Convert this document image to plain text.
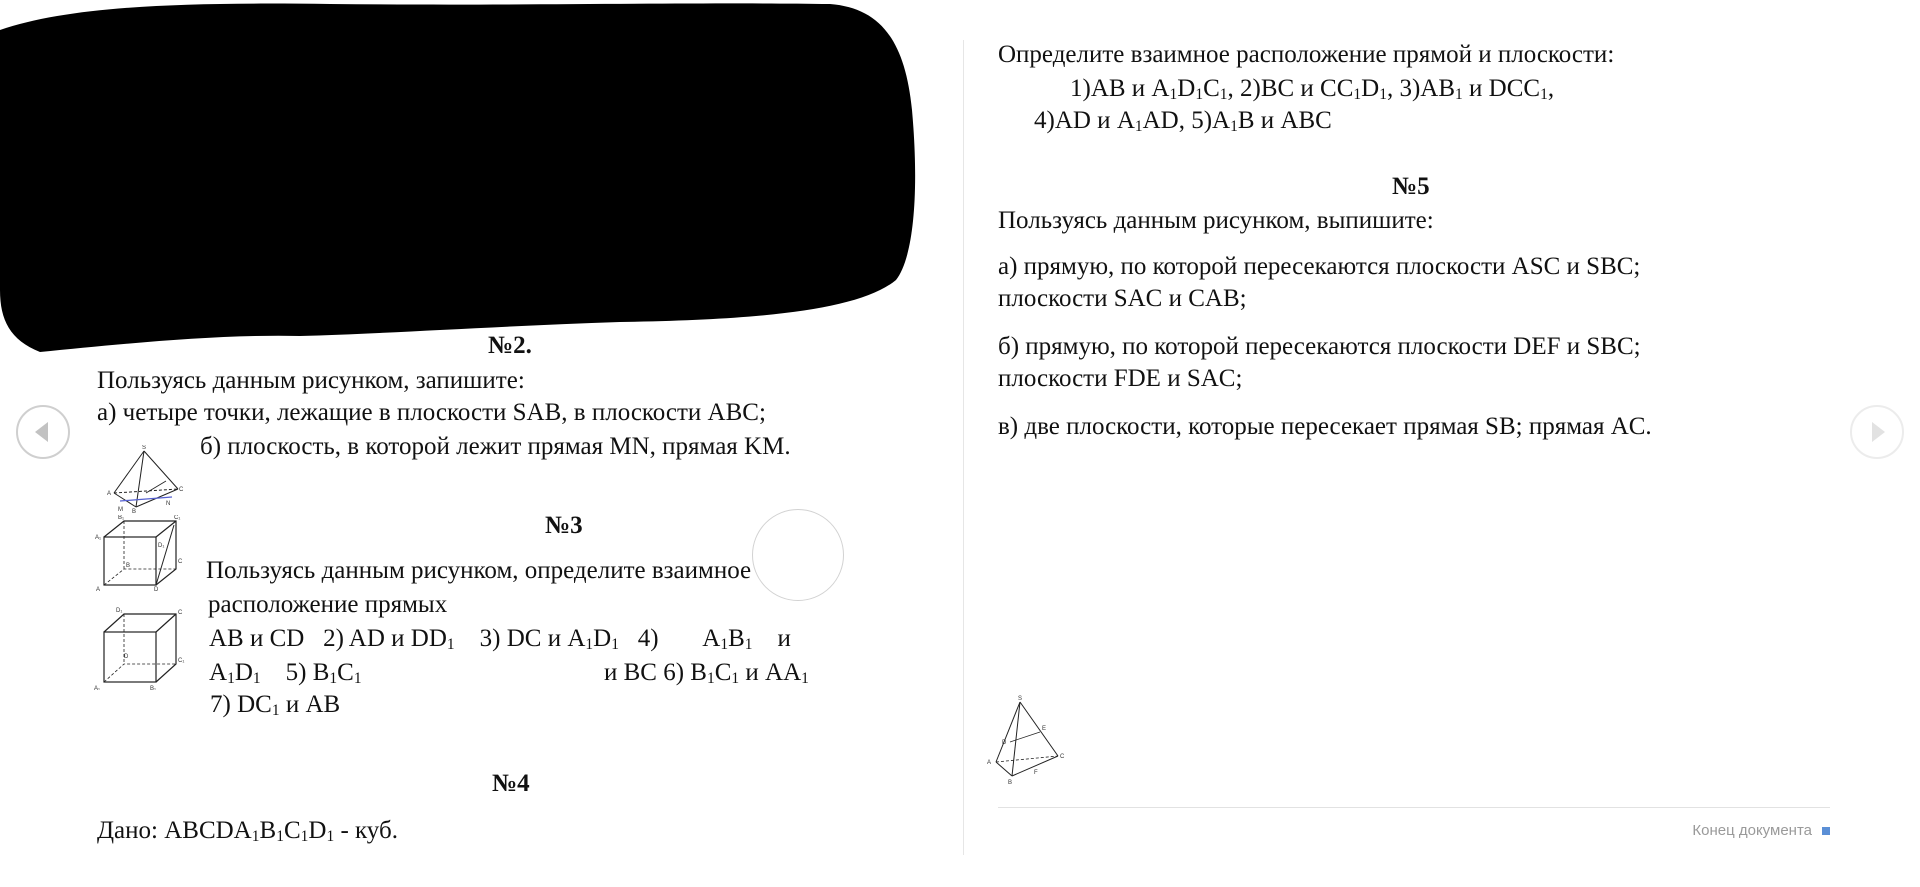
№2.
Пользуясь данным рисунком, запишите:
а) четыре точки, лежащие в плоскости SAB, в плоскости ABC;
б) плоскость, в которой лежит прямая MN, прямая KM.
S
A
B
C
M
N
№3
A₁
B₁	C₁
D₁
B
C
A	D
Пользуясь данным рисунком, определите взаимное
расположение прямых
D₁	C
D
C₁
A₁	B₁
AB и CD 2) AD и $DD_1$ 3) DC и $A_1D_1$ 4) $A_1B_1$ и
$A_1D_1$ 5) $B_1C_1$	и BC 6) $B_1C_1$ и $AA_1$
7) $DC_1$ и AB
№4
Дано: $ABCDA_1B_1C_1D_1$ - куб.
Определите взаимное расположение прямой и плоскости:
1)AB и $A_1D_1C_1$, 2)BC и $CC_1D_1$, $3)AB_1$ и $DCC_1$,
4)AD и $A_1AD$, $5)A_1B$ и ABC
№5
Пользуясь данным рисунком, выпишите:
а) прямую, по которой пересекаются плоскости ASC и SBC;
плоскости SAC и CAB;
б) прямую, по которой пересекаются плоскости DEF и SBC;
плоскости FDE и SAC;
в) две плоскости, которые пересекает прямая SB; прямая AC.
S
A
B
C
D
E
F
Конец документа
